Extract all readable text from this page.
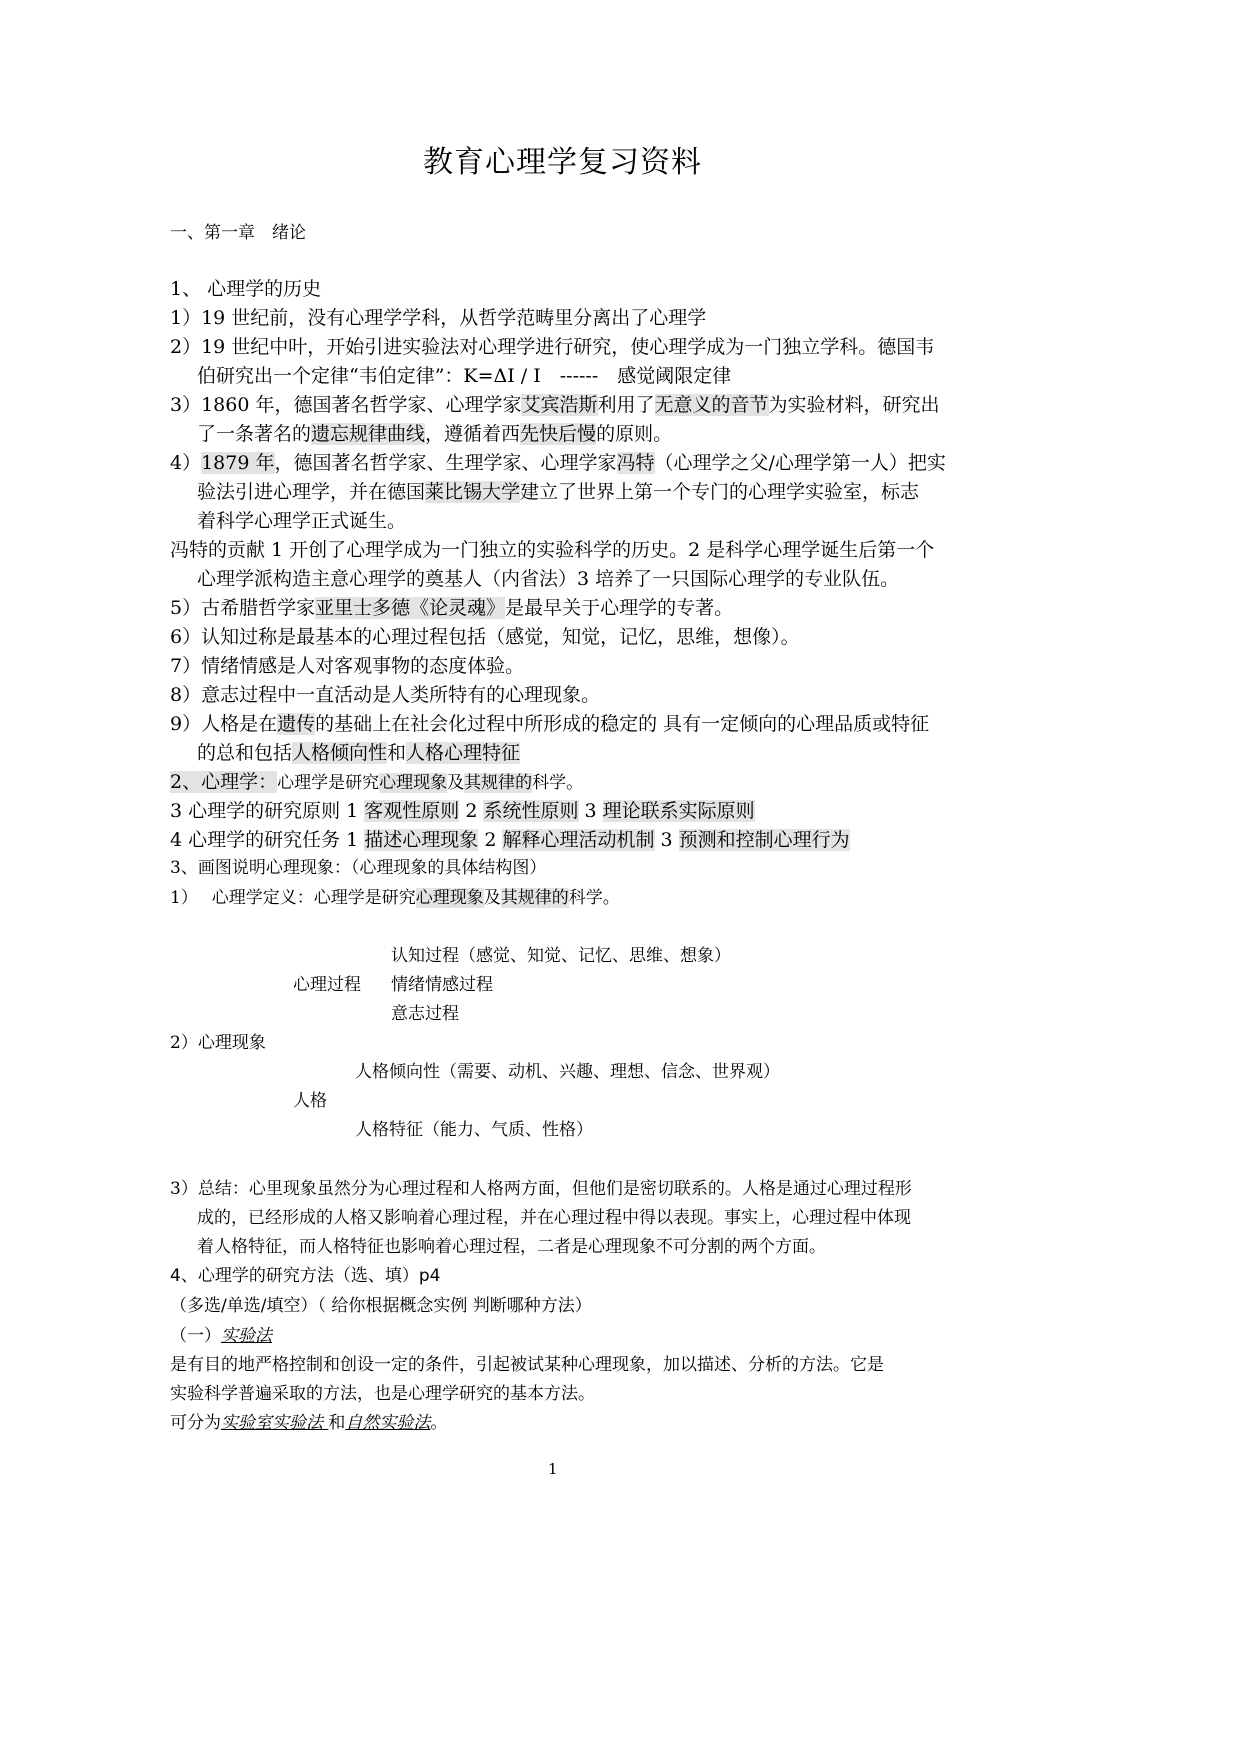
教育心理学复习资料
一、第一章　绪论
1、 心理学的历史
1）19 世纪前，没有心理学学科，从哲学范畴里分离出了心理学
2）19 世纪中叶，开始引进实验法对心理学进行研究，使心理学成为一门独立学科。德国韦
伯研究出一个定律“韦伯定律”：K=ΔI / I　------　感觉阈限定律
3）1860 年，德国著名哲学家、心理学家艾宾浩斯利用了无意义的音节为实验材料，研究出
了一条著名的遗忘规律曲线，遵循着西先快后慢的原则。
4）1879 年，德国著名哲学家、生理学家、心理学家冯特（心理学之父/心理学第一人）把实
验法引进心理学，并在德国莱比锡大学建立了世界上第一个专门的心理学实验室，标志
着科学心理学正式诞生。
冯特的贡献 1 开创了心理学成为一门独立的实验科学的历史。2 是科学心理学诞生后第一个
心理学派构造主意心理学的奠基人（内省法）3 培养了一只国际心理学的专业队伍。
5）古希腊哲学家亚里士多德《论灵魂》是最早关于心理学的专著。
6）认知过称是最基本的心理过程包括（感觉，知觉，记忆，思维，想像）。
7）情绪情感是人对客观事物的态度体验。
8）意志过程中一直活动是人类所特有的心理现象。
9）人格是在遗传的基础上在社会化过程中所形成的稳定的 具有一定倾向的心理品质或特征
的总和包括人格倾向性和人格心理特征
2、心理学：心理学是研究心理现象及其规律的科学。
3 心理学的研究原则 1 客观性原则 2 系统性原则 3 理论联系实际原则
4 心理学的研究任务 1 描述心理现象 2 解释心理活动机制 3 预测和控制心理行为
3、画图说明心理现象：（心理现象的具体结构图）
1）　 心理学定义：心理学是研究心理现象及其规律的科学。
认知过程（感觉、知觉、记忆、思维、想象）
心理过程 情绪情感过程
意志过程
2）心理现象
人格倾向性（需要、动机、兴趣、理想、信念、世界观）
人格
人格特征（能力、气质、性格）
3）总结：心里现象虽然分为心理过程和人格两方面，但他们是密切联系的。人格是通过心理过程形
成的，已经形成的人格又影响着心理过程，并在心理过程中得以表现。事实上，心理过程中体现
着人格特征，而人格特征也影响着心理过程，二者是心理现象不可分割的两个方面。
4、心理学的研究方法（选、填）p4
（多选/单选/填空）（ 给你根据概念实例 判断哪种方法）
（一）实验法
是有目的地严格控制和创设一定的条件，引起被试某种心理现象，加以描述、分析的方法。它是
实验科学普遍采取的方法，也是心理学研究的基本方法。
可分为实验室实验法 和自然实验法。
1
